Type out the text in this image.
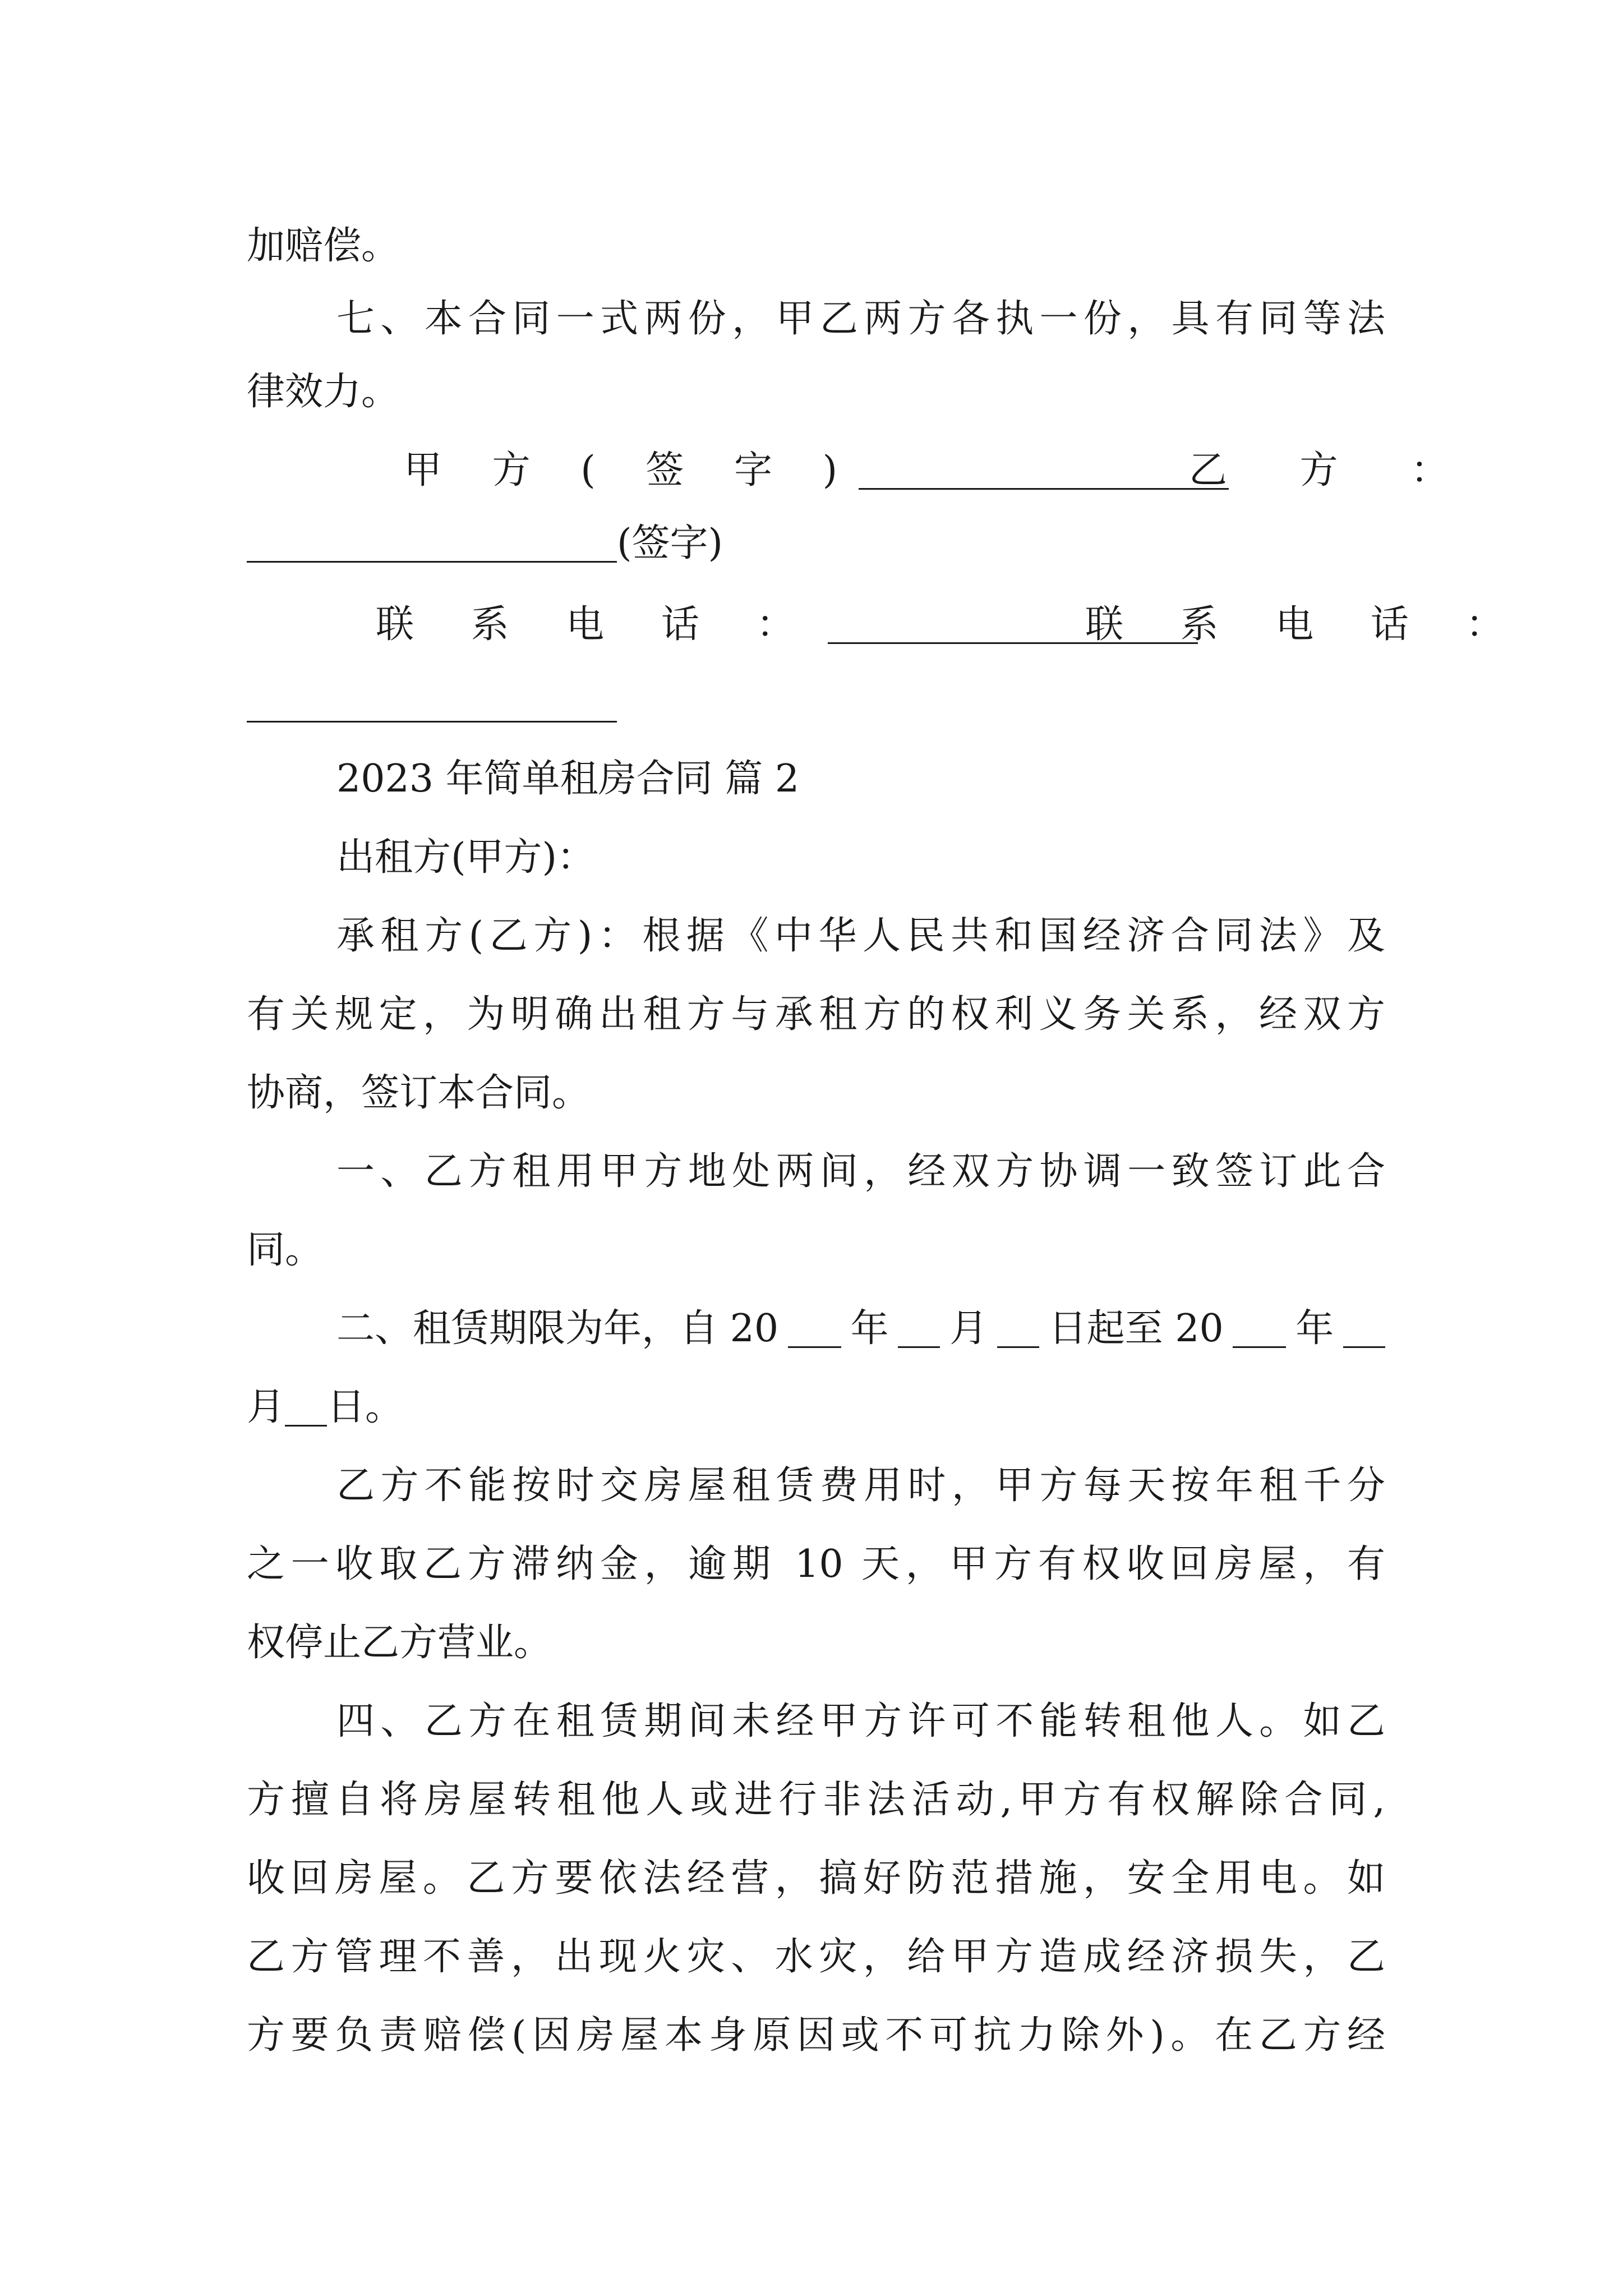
加赔偿。
七、本合同一式两份，甲乙两方各执一份，具有同等法
律效力。
甲 方 ( 签 字 )	乙 方 ：
(签字)
联 系 电 话 ：	联 系 电 话 ：
2023 年简单租房合同 篇 2
出租方(甲方)：
承租方(乙方)：根据《中华人民共和国经济合同法》及
有关规定，为明确出租方与承租方的权利义务关系，经双方
协商，签订本合同。
一、乙方租用甲方地处两间，经双方协调一致签订此合
同。
二、租赁期限为年，自 20 年 月 日起至 20 年
月 日。
乙方不能按时交房屋租赁费用时，甲方每天按年租千分
之一收取乙方滞纳金，逾期 10 天，甲方有权收回房屋，有
权停止乙方营业。
四、乙方在租赁期间未经甲方许可不能转租他人。如乙
方擅自将房屋转租他人或进行非法活动,甲方有权解除合同,
收回房屋。乙方要依法经营，搞好防范措施，安全用电。如
乙方管理不善，出现火灾、水灾，给甲方造成经济损失，乙
方要负责赔偿(因房屋本身原因或不可抗力除外)。在乙方经
